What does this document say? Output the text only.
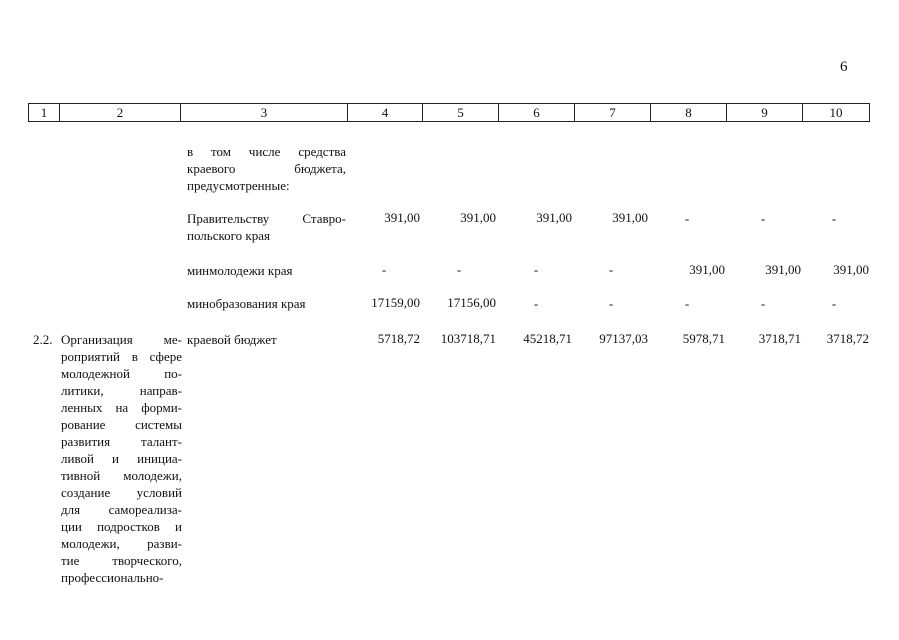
6
1	2	3	4	5	6	7	8	9	10
в том числе средства
краевого бюджета,
предусмотренные:
Правительству Ставро-
польского края
391,00	391,00	391,00	391,00	-	-	-
минмолодежи края	-	-	-	-	391,00	391,00 391,00
минобразования края	17159,00 17156,00	-	-	-	-	-
2.2. Организация ме-
роприятий в сфере
молодежной по-
литики, направ-
ленных на форми-
рование системы
развития талант-
ливой и инициа-
тивной молодежи,
создание условий
для самореализа-
ции подростков и
молодежи, разви-
тие творческого,
профессионально-
краевой бюджет	5718,72 103718,71 45218,71 97137,03	5978,71	3718,71 3718,72
